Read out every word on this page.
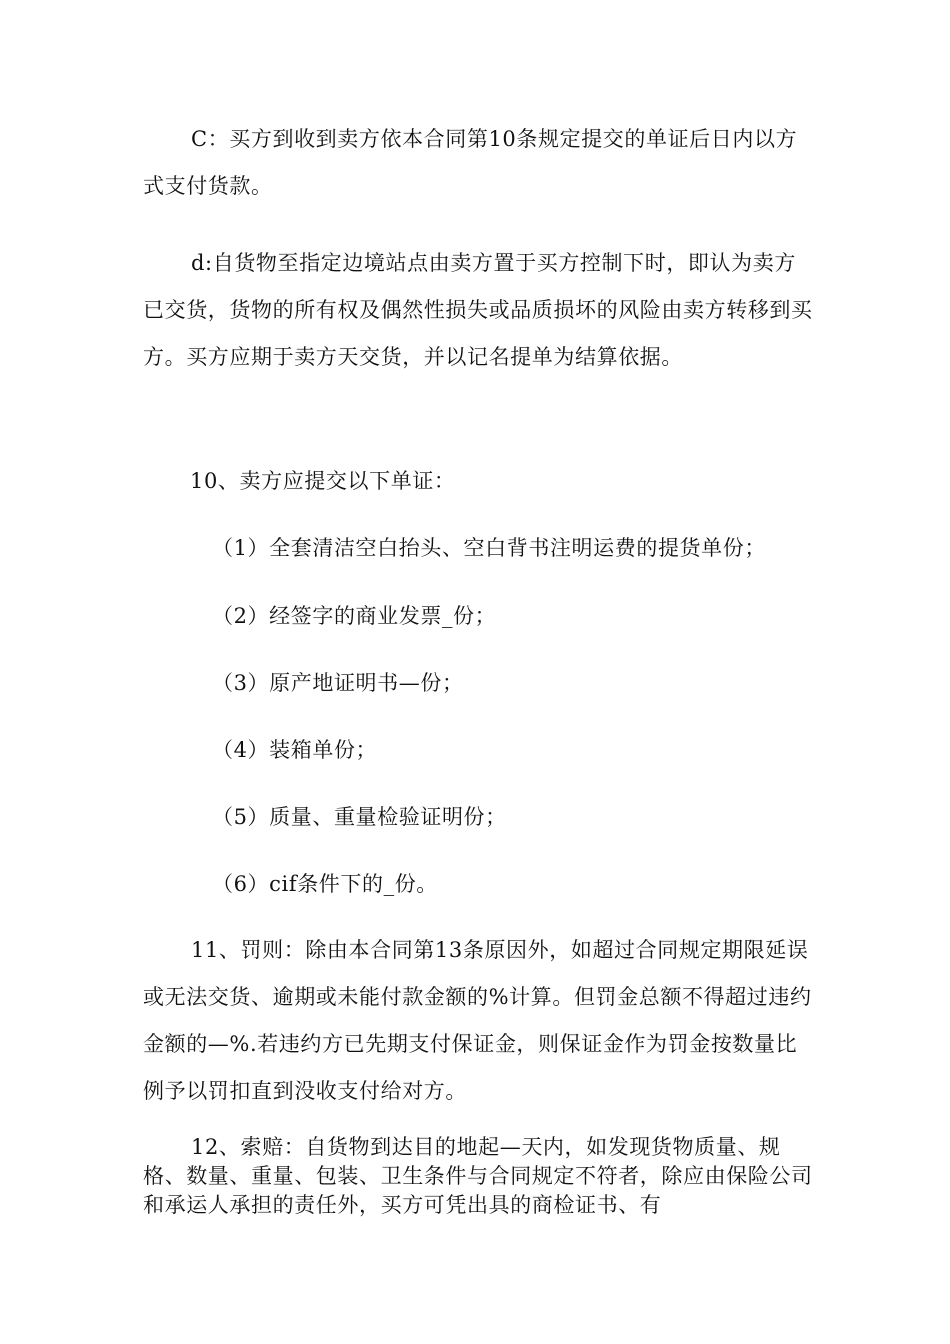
C：买方到收到卖方依本合同第10条规定提交的单证后日内以方式支付货款。

d:自货物至指定边境站点由卖方置于买方控制下时，即认为卖方已交货，货物的所有权及偶然性损失或品质损坏的风险由卖方转移到买方。买方应期于卖方天交货，并以记名提单为结算依据。

10、卖方应提交以下单证：

（1）全套清洁空白抬头、空白背书注明运费的提货单份；

（2）经签字的商业发票_份；

（3）原产地证明书—份；

（4）装箱单份；

（5）质量、重量检验证明份；

（6）cif条件下的_份。

11、罚则：除由本合同第13条原因外，如超过合同规定期限延误或无法交货、逾期或未能付款金额的%计算。但罚金总额不得超过违约金额的—%.若违约方已先期支付保证金，则保证金作为罚金按数量比例予以罚扣直到没收支付给对方。

12、索赔：自货物到达目的地起—天内，如发现货物质量、规格、数量、重量、包装、卫生条件与合同规定不符者，除应由保险公司和承运人承担的责任外，买方可凭出具的商检证书、有
